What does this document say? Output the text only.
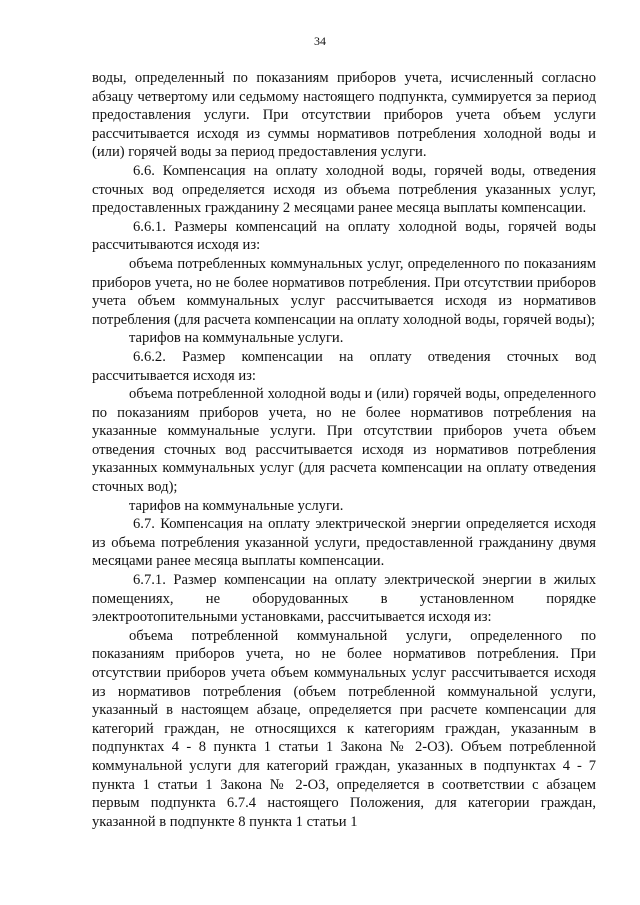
34

воды, определенный по показаниям приборов учета, исчисленный согласно абзацу четвертому или седьмому настоящего подпункта, суммируется за период предоставления услуги. При отсутствии приборов учета объем услуги рассчитывается исходя из суммы нормативов потребления холодной воды и (или) горячей воды за период предоставления услуги.

6.6. Компенсация на оплату холодной воды, горячей воды, отведения сточных вод определяется исходя из объема потребления указанных услуг, предоставленных гражданину 2 месяцами ранее месяца выплаты компенсации.

6.6.1. Размеры компенсаций на оплату холодной воды, горячей воды рассчитываются исходя из:

объема потребленных коммунальных услуг, определенного по показаниям приборов учета, но не более нормативов потребления. При отсутствии приборов учета объем коммунальных услуг рассчитывается исходя из нормативов потребления (для расчета компенсации на оплату холодной воды, горячей воды);

тарифов на коммунальные услуги.

6.6.2. Размер компенсации на оплату отведения сточных вод рассчитывается исходя из:

объема потребленной холодной воды и (или) горячей воды, определенного по показаниям приборов учета, но не более нормативов потребления на указанные коммунальные услуги. При отсутствии приборов учета объем отведения сточных вод рассчитывается исходя из нормативов потребления указанных коммунальных услуг (для расчета компенсации на оплату отведения сточных вод);

тарифов на коммунальные услуги.

6.7. Компенсация на оплату электрической энергии определяется исходя из объема потребления указанной услуги, предоставленной гражданину двумя месяцами ранее месяца выплаты компенсации.

6.7.1. Размер компенсации на оплату электрической энергии в жилых помещениях, не оборудованных в установленном порядке электроотопительными установками, рассчитывается исходя из:

объема потребленной коммунальной услуги, определенного по показаниям приборов учета, но не более нормативов потребления. При отсутствии приборов учета объем коммунальных услуг рассчитывается исходя из нормативов потребления (объем потребленной коммунальной услуги, указанный в настоящем абзаце, определяется при расчете компенсации для категорий граждан, не относящихся к категориям граждан, указанным в подпунктах 4 - 8 пункта 1 статьи 1 Закона № 2-ОЗ). Объем потребленной коммунальной услуги для категорий граждан, указанных в подпунктах 4 - 7 пункта 1 статьи 1 Закона № 2-ОЗ, определяется в соответствии с абзацем первым подпункта 6.7.4 настоящего Положения, для категории граждан, указанной в подпункте 8 пункта 1 статьи 1
